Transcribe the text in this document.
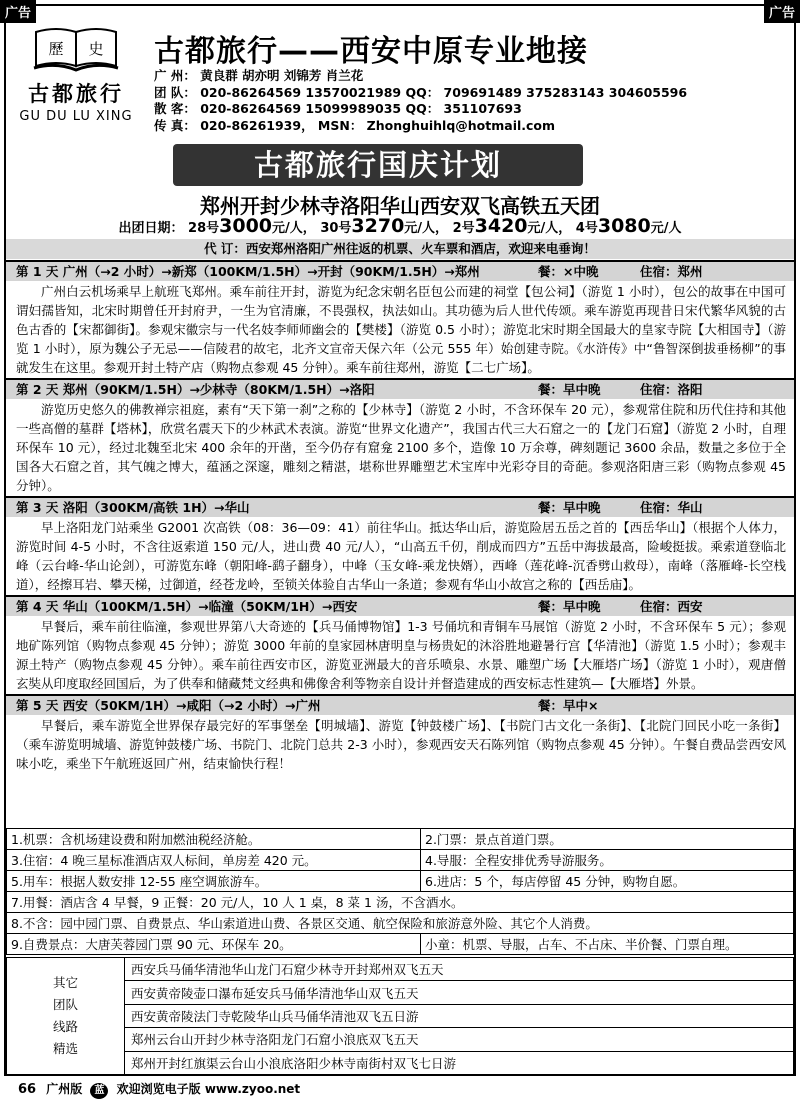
广告	广告
歷 史
古都旅行
GU DU LU XING
古都旅行——西安中原专业地接
广 州： 黄良群 胡亦明 刘锦芳 肖兰花
团 队： 020-86264569 13570021989 QQ： 709691489 375283143 304605596
散 客： 020-86264569 15099989035 QQ： 351107693
传 真： 020-86261939， MSN： Zhonghuihlq@hotmail.com
古都旅行国庆计划
郑州开封少林寺洛阳华山西安双飞高铁五天团
出团日期： 28号3000元/人， 30号3270元/人， 2号3420元/人， 4号3080元/人
代 订：西安郑州洛阳广州往返的机票、火车票和酒店，欢迎来电垂询！
第 1 天 广州（→2 小时）→新郑（100KM/1.5H）→开封（90KM/1.5H）→郑州	餐：×中晚	住宿：郑州
广州白云机场乘早上航班飞郑州。乘车前往开封，游览为纪念宋朝名臣包公而建的祠堂【包公祠】（游览 1 小时），包公的故事在中国可谓妇孺皆知，北宋时期曾任开封府尹，一生为官清廉，不畏强权，执法如山。其功德为后人世代传颂。乘车游览再现昔日宋代繁华风貌的古色古香的【宋都御街】。参观宋徽宗与一代名妓李师师幽会的【樊楼】（游览 0.5 小时）；游览北宋时期全国最大的皇家寺院【大相国寺】（游览 1 小时），原为魏公子无忌——信陵君的故宅，北齐文宣帝天保六年（公元 555 年）始创建寺院。《水浒传》中“鲁智深倒拔垂杨柳”的事就发生在这里。参观开封土特产店（购物点参观 45 分钟）。乘车前往郑州，游览【二七广场】。
第 2 天 郑州（90KM/1.5H）→少林寺（80KM/1.5H）→洛阳	餐：早中晚	住宿：洛阳
游览历史悠久的佛教禅宗祖庭，素有“天下第一刹”之称的【少林寺】（游览 2 小时，不含环保车 20 元），参观常住院和历代住持和其他一些高僧的墓群【塔林】，欣赏名震天下的少林武术表演。游览“世界文化遗产”，我国古代三大石窟之一的【龙门石窟】（游览 2 小时，自理环保车 10 元），经过北魏至北宋 400 余年的开凿，至今仍存有窟龛 2100 多个，造像 10 万余尊，碑刻题记 3600 余品，数量之多位于全国各大石窟之首，其气魄之博大，蕴涵之深邃，雕刻之精湛，堪称世界雕塑艺术宝库中光彩夺目的奇葩。参观洛阳唐三彩（购物点参观 45 分钟）。
第 3 天 洛阳（300KM/高铁 1H）→华山	餐：早中晚	住宿：华山
早上洛阳龙门站乘坐 G2001 次高铁（08：36—09：41）前往华山。抵达华山后，游览险居五岳之首的【西岳华山】（根据个人体力，游览时间 4-5 小时，不含往返索道 150 元/人，进山费 40 元/人），“山高五千仞，削成而四方”五岳中海拔最高，险峻挺拔。乘索道登临北峰（云台峰-华山论剑），可游览东峰（朝阳峰-鹞子翻身），中峰（玉女峰-乘龙快婿），西峰（莲花峰-沉香劈山救母），南峰（落雁峰-长空栈道），经擦耳岩、攀天梯，过御道，经苍龙岭，至锁关体验自古华山一条道；参观有华山小故宫之称的【西岳庙】。
第 4 天 华山（100KM/1.5H）→临潼（50KM/1H）→西安	餐：早中晚	住宿：西安
早餐后，乘车前往临潼，参观世界第八大奇迹的【兵马俑博物馆】1-3 号俑坑和青铜车马展馆（游览 2 小时，不含环保车 5 元）；参观地矿陈列馆（购物点参观 45 分钟）；游览 3000 年前的皇家园林唐明皇与杨贵妃的沐浴胜地避暑行宫【华清池】（游览 1.5 小时）；参观丰源土特产（购物点参观 45 分钟）。乘车前往西安市区，游览亚洲最大的音乐喷泉、水景、雕塑广场【大雁塔广场】（游览 1 小时），观唐僧玄奘从印度取经回国后，为了供奉和储藏梵文经典和佛像舍利等物亲自设计并督造建成的西安标志性建筑—【大雁塔】外景。
第 5 天 西安（50KM/1H）→咸阳（→2 小时）→广州	餐：早中×
早餐后，乘车游览全世界保存最完好的军事堡垒【明城墙】、游览【钟鼓楼广场】、【书院门古文化一条街】、【北院门回民小吃一条街】（乘车游览明城墙、游览钟鼓楼广场、书院门、北院门总共 2-3 小时），参观西安天石陈列馆（购物点参观 45 分钟）。午餐自费品尝西安风味小吃，乘坐下午航班返回广州，结束愉快行程！
1.机票：含机场建设费和附加燃油税经济舱。	2.门票：景点首道门票。
3.住宿：4 晚三星标准酒店双人标间，单房差 420 元。	4.导服：全程安排优秀导游服务。
5.用车：根据人数安排 12-55 座空调旅游车。	6.进店：5 个，每店停留 45 分钟，购物自愿。
7.用餐：酒店含 4 早餐，9 正餐：20 元/人，10 人 1 桌，8 菜 1 汤，不含酒水。	
8.不含：园中园门票、自费景点、华山索道进山费、各景区交通、航空保险和旅游意外险、其它个人消费。	
9.自费景点：大唐芙蓉园门票 90 元、环保车 20。	小童：机票、导服，占车、不占床、半价餐、门票自理。
其它
团队
线路
精选
	西安兵马俑华清池华山龙门石窟少林寺开封郑州双飞五天
西安黄帝陵壶口瀑布延安兵马俑华清池华山双飞五天
西安黄帝陵法门寺乾陵华山兵马俑华清池双飞五日游
郑州云台山开封少林寺洛阳龙门石窟小浪底双飞五天
郑州开封红旗渠云台山小浪底洛阳少林寺南街村双飞七日游
66 广州版 蓝 欢迎浏览电子版 www.zyoo.net
